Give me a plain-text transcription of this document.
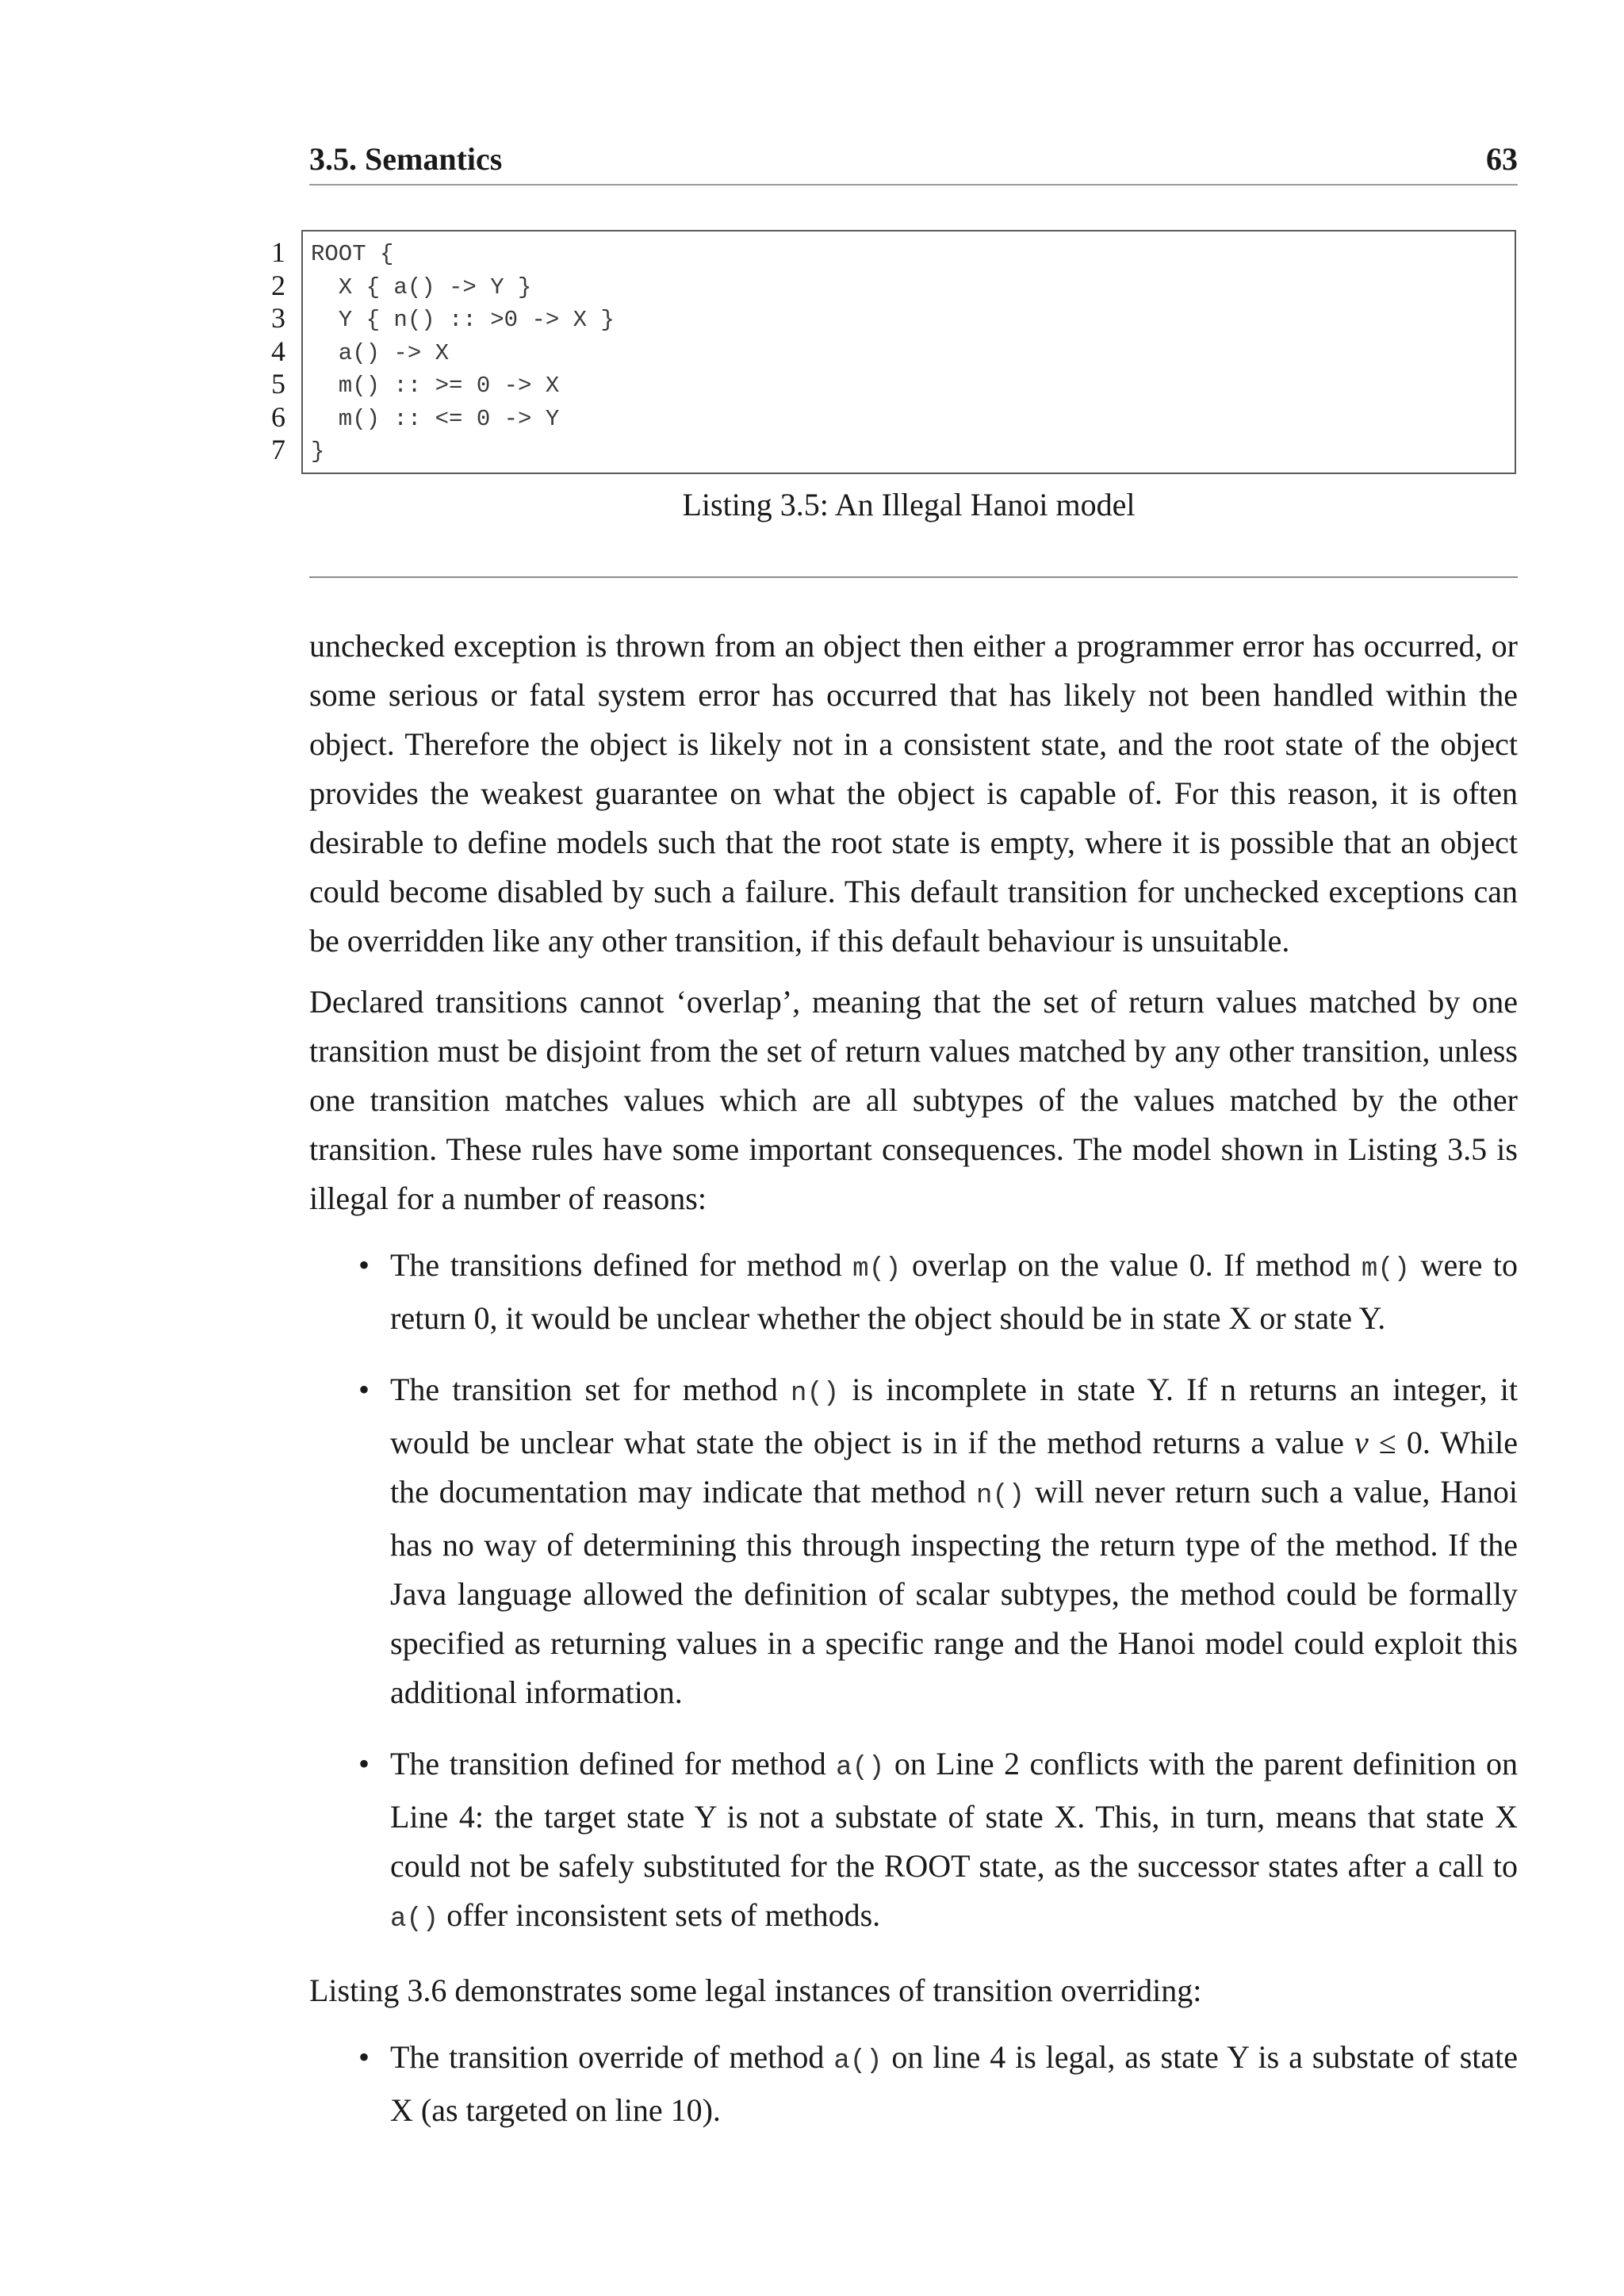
3.5. Semantics	63
1
2
3
4
5
6
7
ROOT {
X { a() -> Y }
Y { n() :: >0 -> X }
a() -> X
m() :: >= 0 -> X
m() :: <= 0 -> Y
}
Listing 3.5: An Illegal Hanoi model

unchecked exception is thrown from an object then either a programmer error has occurred, or some serious or fatal system error has occurred that has likely not been handled within the object. Therefore the object is likely not in a consistent state, and the root state of the object provides the weakest guarantee on what the object is capable of. For this reason, it is often desirable to define models such that the root state is empty, where it is possible that an object could become disabled by such a failure. This default transition for unchecked exceptions can be overridden like any other transition, if this default behaviour is unsuitable.

Declared transitions cannot ‘overlap’, meaning that the set of return values matched by one transition must be disjoint from the set of return values matched by any other transition, unless one transition matches values which are all subtypes of the values matched by the other transition. These rules have some important consequences. The model shown in Listing 3.5 is illegal for a number of reasons:

• The transitions defined for method m() overlap on the value 0. If method m() were to return 0, it would be unclear whether the object should be in state X or state Y.
• The transition set for method n() is incomplete in state Y. If n returns an integer, it would be unclear what state the object is in if the method returns a value v ≤ 0. While the documentation may indicate that method n() will never return such a value, Hanoi has no way of determining this through inspecting the return type of the method. If the Java language allowed the definition of scalar subtypes, the method could be formally specified as returning values in a specific range and the Hanoi model could exploit this additional information.
• The transition defined for method a() on Line 2 conflicts with the parent definition on Line 4: the target state Y is not a substate of state X. This, in turn, means that state X could not be safely substituted for the ROOT state, as the successor states after a call to a() offer inconsistent sets of methods.

Listing 3.6 demonstrates some legal instances of transition overriding:

• The transition override of method a() on line 4 is legal, as state Y is a substate of state X (as targeted on line 10).
